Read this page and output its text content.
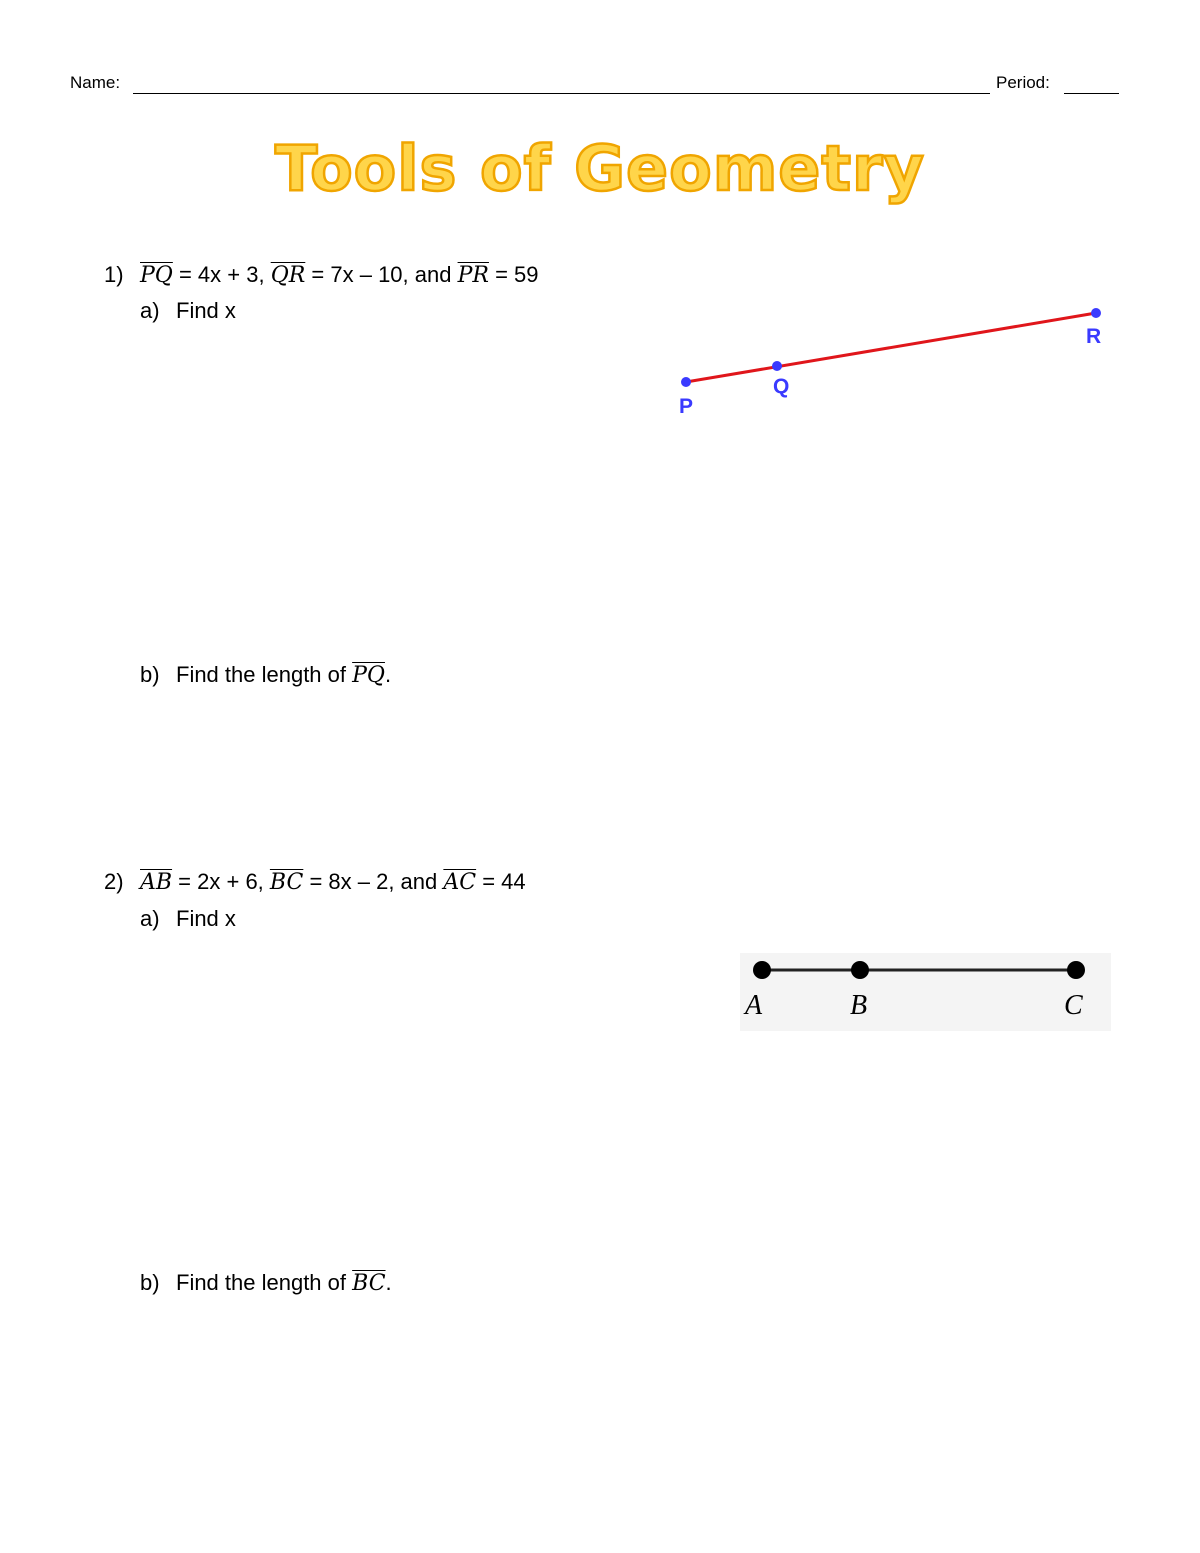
Name:	Period:
Tools of Geometry
1) $\overline{PQ} = 4x + 3$, $\overline{QR} = 7x - 10$, and $\overline{PR} = 59$
a) Find x
b) Find the length of $\overline{PQ}$.
P
Q
R
2) $\overline{AB} = 2x + 6$, $\overline{BC} = 8x - 2$, and $\overline{AC} = 44$
a) Find x
b) Find the length of $\overline{BC}$.
A	B	C
